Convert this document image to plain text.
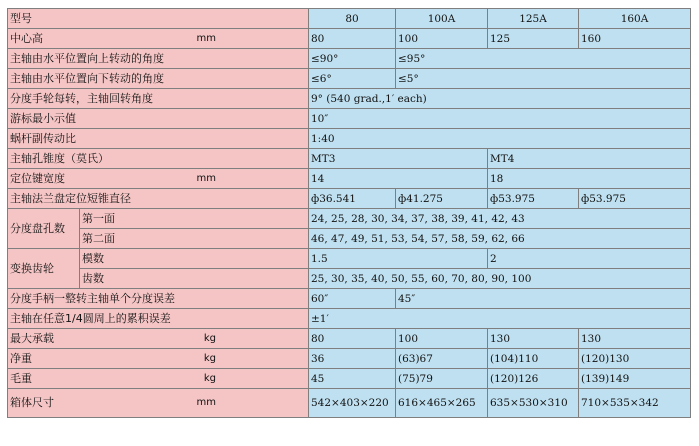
型号		80	100A	125A	160A

中心高 mm		80	100	125	160
主轴由水平位置向上转动的角度		≤90°	≤95°		
主轴由水平位置向下转动的角度		≤6°	≤5°		
分度手轮每转，主轴回转角度		9° (540 grad.,1′ each)			
游标最小示值		10″			
蜗杆副传动比		1:40			
主轴孔锥度（莫氏）		MT3		MT4	

定位键宽度 mm		14		18	
主轴法兰盘定位短锥直径		ф36.541	ф41.275	ф53.975	ф53.975
分度盘孔数	第一面	24, 25, 28, 30, 34, 37, 38, 39, 41, 42, 43			
	第二面	46, 47, 49, 51, 53, 54, 57, 58, 59, 62, 66			
变换齿轮	模数	1.5		2	
	齿数	25, 30, 35, 40, 50, 55, 60, 70, 80, 90, 100			
分度手柄一整转主轴单个分度误差		60″	45″		
主轴在任意1/4圆周上的累积误差		±1′			

最大承载 kg		80	100	130	130

净重 kg		36	(63)67	(104)110	(120)130

毛重 kg		45	(75)79	(120)126	(139)149

箱体尺寸 mm		542×403×220	616×465×265	635×530×310	710×535×342
